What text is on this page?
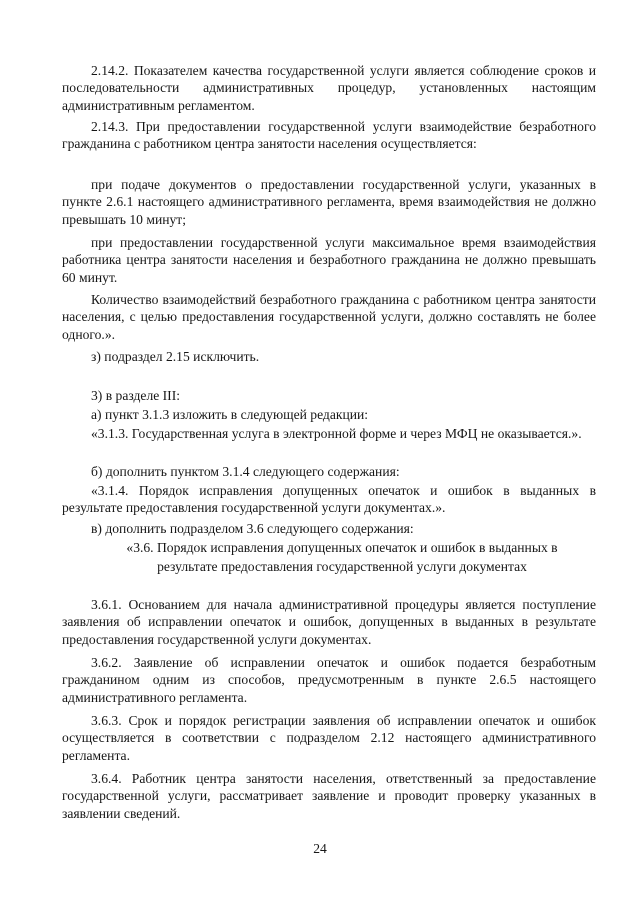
2.14.2. Показателем качества государственной услуги является соблюдение сроков и последовательности административных процедур, установленных настоящим административным регламентом.

2.14.3. При предоставлении государственной услуги взаимодействие безработного гражданина с работником центра занятости населения осуществляется:

при подаче документов о предоставлении государственной услуги, указанных в пункте 2.6.1 настоящего административного регламента, время взаимодействия не должно превышать 10 минут;

при предоставлении государственной услуги максимальное время взаимодействия работника центра занятости населения и безработного гражданина не должно превышать 60 минут.

Количество взаимодействий безработного гражданина с работником центра занятости населения, с целью предоставления государственной услуги, должно составлять не более одного.».

з) подраздел 2.15 исключить.

3) в разделе III:

а) пункт 3.1.3 изложить в следующей редакции:

«3.1.3. Государственная услуга в электронной форме и через МФЦ не оказывается.».

б) дополнить пунктом 3.1.4 следующего содержания:

«3.1.4. Порядок исправления допущенных опечаток и ошибок в выданных в результате предоставления государственной услуги документах.».

в) дополнить подразделом 3.6 следующего содержания:

«3.6. Порядок исправления допущенных опечаток и ошибок в выданных в

результате предоставления государственной услуги документах

3.6.1. Основанием для начала административной процедуры является поступление заявления об исправлении опечаток и ошибок, допущенных в выданных в результате предоставления государственной услуги документах.

3.6.2. Заявление об исправлении опечаток и ошибок подается безработным гражданином одним из способов, предусмотренным в пункте 2.6.5 настоящего административного регламента.

3.6.3. Срок и порядок регистрации заявления об исправлении опечаток и ошибок осуществляется в соответствии с подразделом 2.12 настоящего административного регламента.

3.6.4. Работник центра занятости населения, ответственный за предоставление государственной услуги, рассматривает заявление и проводит проверку указанных в заявлении сведений.

24
